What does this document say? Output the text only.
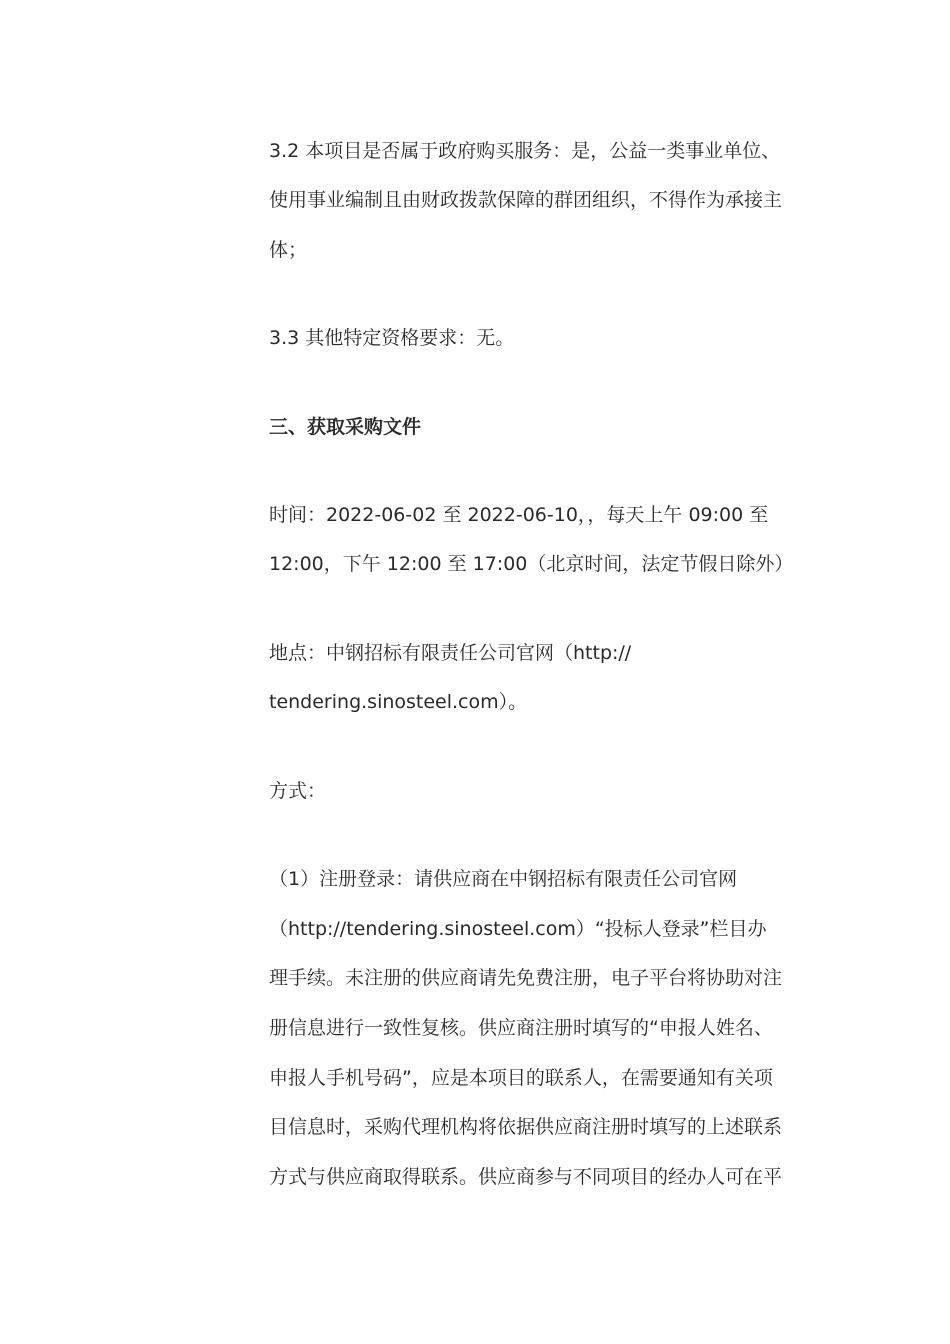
3.2 本项目是否属于政府购买服务：是，公益一类事业单位、
使用事业编制且由财政拨款保障的群团组织，不得作为承接主
体；
3.3 其他特定资格要求：无。
三、获取采购文件
时间：2022-06-02 至 2022-06-10，，每天上午 09:00 至
12:00，下午 12:00 至 17:00（北京时间，法定节假日除外）
地点：中钢招标有限责任公司官网（http://
tendering.sinosteel.com）。
方式：
（1）注册登录：请供应商在中钢招标有限责任公司官网
（http://tendering.sinosteel.com）“投标人登录”栏目办
理手续。未注册的供应商请先免费注册，电子平台将协助对注
册信息进行一致性复核。供应商注册时填写的“申报人姓名、
申报人手机号码”，应是本项目的联系人，在需要通知有关项
目信息时，采购代理机构将依据供应商注册时填写的上述联系
方式与供应商取得联系。供应商参与不同项目的经办人可在平
